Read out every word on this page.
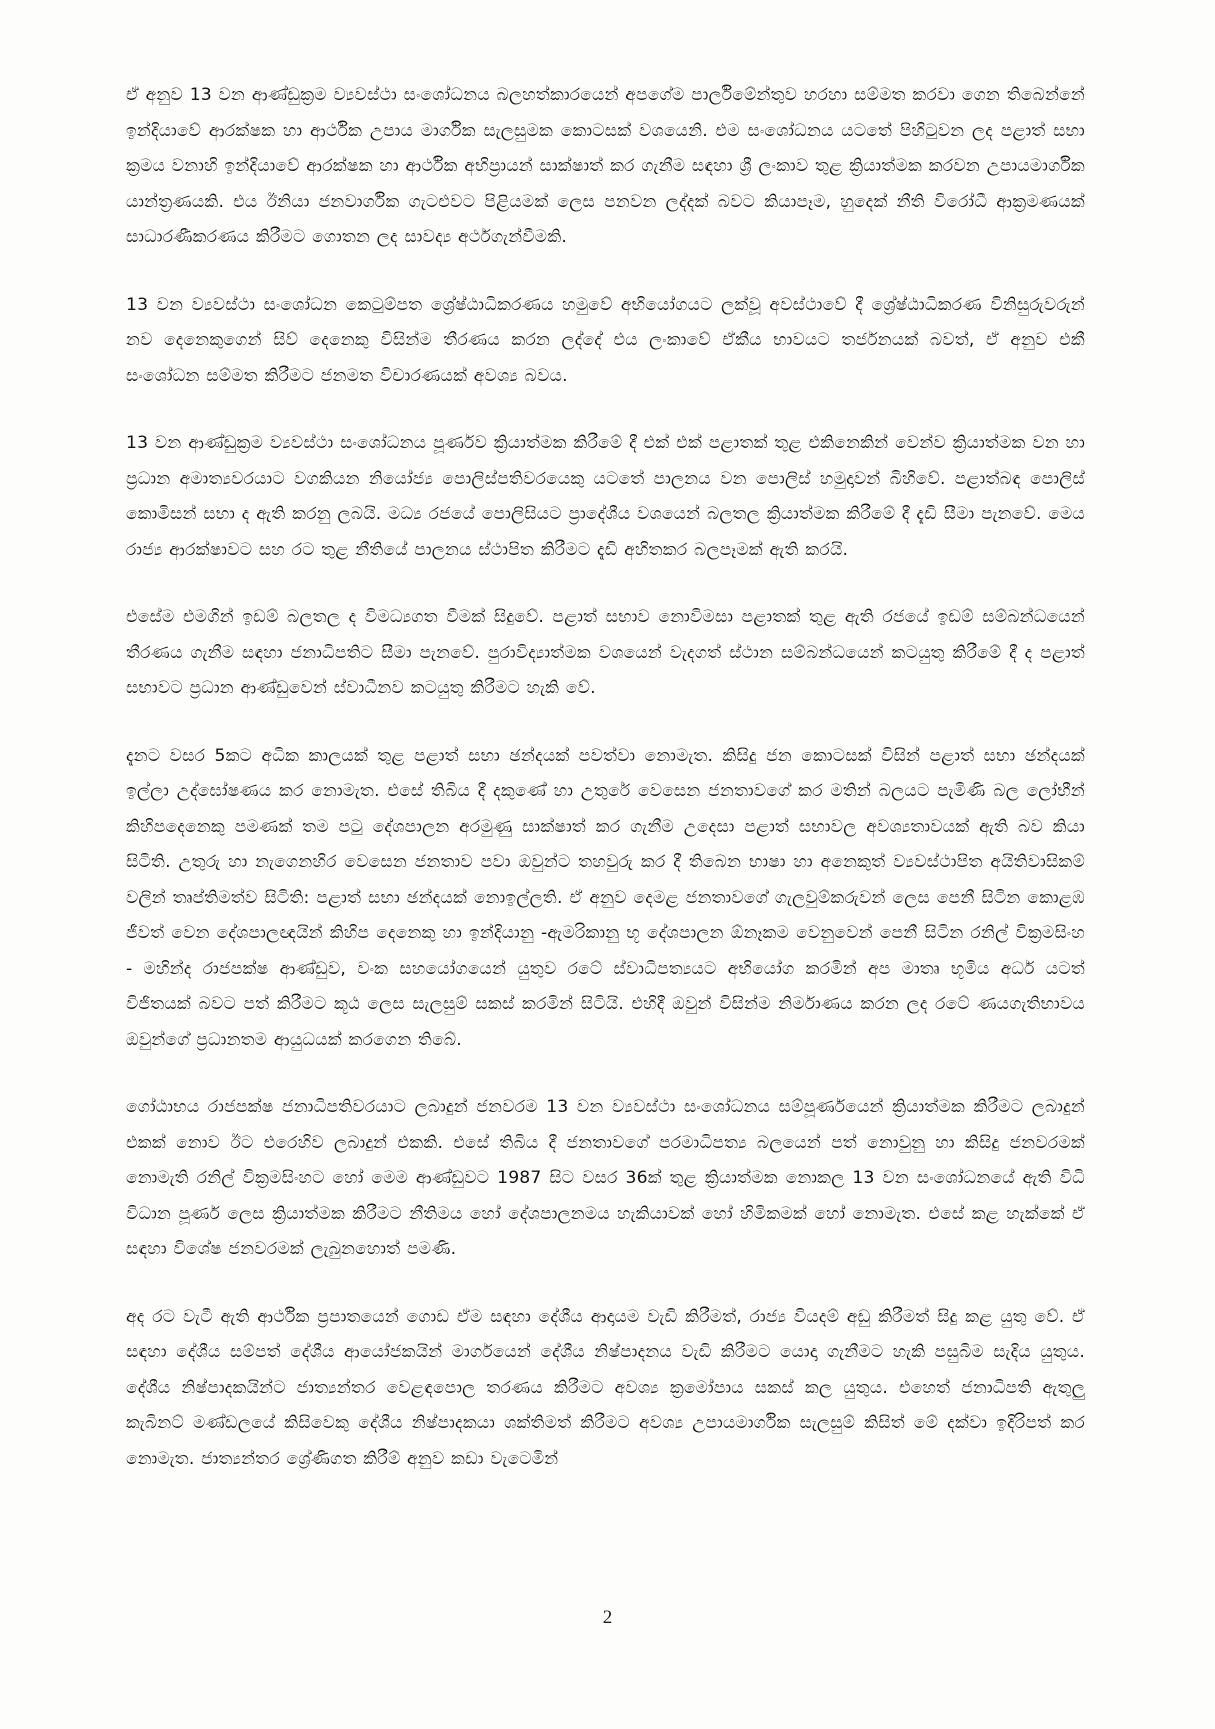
ඒ අනුව 13 වන ආණ්ඩුක්‍රම ව්‍යවස්ථා සංශෝධනය බලහත්කාරයෙන් අපගේම පාර්ලිමේන්තුව හරහා සම්මත කරවා ගෙන තිබෙන්නේ ඉන්දියාවේ ආරක්ෂක හා ආර්ථික උපාය මාර්ගික සැලසුමක කොටසක් වශයෙනි. එම සංශෝධනය යටතේ පිහිටුවන ලද පළාත් සභා ක්‍රමය වනාහි ඉන්දියාවේ ආරක්ෂක හා ආර්ථික අභිප්‍රායන් සාක්ෂාත් කර ගැනීම සඳහා ශ්‍රී ලංකාව තුළ ක්‍රියාත්මක කරවන උපායමාර්ගික යාන්ත්‍රණයකි. එය ඊනියා ජනවාර්ගික ගැටළුවට පිළියමක් ලෙස පනවන ලද්දක් බවට කියාපෑම, හුදෙක් නීති විරෝධී ආක්‍රමණයක් සාධාරණීකරණය කිරීමට ගොතන ලද සාවද්‍ය අර්ථගැන්වීමකි.

13 වන ව්‍යවස්ථා සංශෝධන කෙටුම්පත ශ්‍රේෂ්ඨාධිකරණය හමුවේ අභියෝගයට ලක්වූ අවස්ථාවේ දී ශ්‍රේෂ්ඨාධිකරණ විනිසුරුවරුන් නව දෙනෙකුගෙන් සිව් දෙනෙකු විසින්ම තීරණය කරන ලද්දේ එය ලංකාවේ ඒකීය භාවයට තර්ජනයක් බවත්, ඒ අනුව එකී සංශෝධන සම්මත කිරීමට ජනමත විචාරණයක් අවශ්‍ය බවය.

13 වන ආණ්ඩුක්‍රම ව්‍යවස්ථා සංශෝධනය පූර්ණව ක්‍රියාත්මක කිරීමේ දී එක් එක් පළාතක් තුළ එකිනෙකින් වෙන්ව ක්‍රියාත්මක වන හා ප්‍රධාන අමාත්‍යවරයාට වගකියන නියෝජ්‍ය පොලිස්පතිවරයෙකු යටතේ පාලනය වන පොලිස් හමුදාවන් බිහිවේ. පළාත්බඳ පොලිස් කොමිසන් සභා ද ඇති කරනු ලබයි. මධ්‍ය රජයේ පොලිසියට ප්‍රාදේශීය වශයෙන් බලතල ක්‍රියාත්මක කිරීමේ දී දැඩි සීමා පැනවේ. මෙය රාජ්‍ය ආරක්ෂාවට සහ රට තුළ නීතියේ පාලනය ස්ථාපිත කිරීමට දැඩි අහිතකර බලපෑමක් ඇති කරයි.

එසේම එමගින් ඉඩම් බලතල ද විමධ්‍යගත වීමක් සිදුවේ. පළාත් සභාව නොවිමසා පළාතක් තුළ ඇති රජයේ ඉඩම් සම්බන්ධයෙන් තීරණය ගැනීම සඳහා ජනාධිපතිට සීමා පැනවේ. පුරාවිද්‍යාත්මක වශයෙන් වැදගත් ස්ථාන සම්බන්ධයෙන් කටයුතු කිරීමේ දී ද පළාත් සභාවට ප්‍රධාන ආණ්ඩුවෙන් ස්වාධීනව කටයුතු කිරීමට හැකි වේ.

දැනට වසර 5කට අධික කාලයක් තුළ පළාත් සභා ඡන්දයක් පවත්වා නොමැත. කිසිදු ජන කොටසක් විසින් පළාත් සභා ඡන්දයක් ඉල්ලා උද්ඝෝෂණය කර නොමැත. එසේ තිබිය දී දකුණේ හා උතුරේ වෙසෙන ජනතාවගේ කර මතින් බලයට පැමිණි බල ලෝභීන් කිහිපදෙනෙකු පමණක් තම පටු දේශපාලන අරමුණු සාක්ෂාත් කර ගැනීම උදෙසා පළාත් සභාවල අවශ්‍යතාවයක් ඇති බව කියා සිටිති. උතුරු හා නැගෙනහිර වෙසෙන ජනතාව පවා ඔවුන්ට තහවුරු කර දී තිබෙන භාෂා හා අනෙකුත් ව්‍යවස්ථාපිත අයිතිවාසිකම් වලින් තෘප්තිමත්ව සිටිති: පළාත් සභා ඡන්දයක් නොඉල්ලති. ඒ අනුව දෙමළ ජනතාවගේ ගැලවුම්කරුවන් ලෙස පෙනී සිටින කොළඹ ජීවත් වෙන දේශපාලඥයින් කිහිප දෙනෙකු හා ඉන්දියානු -ඇමරිකානු භූ දේශපාලන ඕනෑකම වෙනුවෙන් පෙනී සිටින රනිල් වික්‍රමසිංහ - මහින්ද රාජපක්ෂ ආණ්ඩුව, වංක සහයෝගයෙන් යුතුව රටේ ස්වාධිපත්‍යයට අභියෝග කරමින් අප මාතෘ භූමිය අර්ධ යටත් විජිතයක් බවට පත් කිරීමට කූඨ ලෙස සැලසුම් සකස් කරමින් සිටියි. එහිදී ඔවුන් විසින්ම නිර්මාණය කරන ලද රටේ ණයගැතිභාවය ඔවුන්ගේ ප්‍රධානතම ආයුධයක් කරගෙන තිබේ.

ගෝඨාභය රාජපක්ෂ ජනාධිපතිවරයාට ලබාදුන් ජනවරම 13 වන ව්‍යවස්ථා සංශෝධනය සම්පූර්ණයෙන් ක්‍රියාත්මක කිරීමට ලබාදුන් එකක් නොව ඊට එරෙහිව ලබාදුන් එකකි. එසේ තිබිය දී ජනතාවගේ පරමාධිපත්‍ය බලයෙන් පත් නොවුනු හා කිසිදු ජනවරමක් නොමැති රනිල් වික්‍රමසිංහට හෝ මෙම ආණ්ඩුවට 1987 සිට වසර 36ක් තුළ ක්‍රියාත්මක නොකල 13 වන සංශෝධනයේ ඇති විධි විධාන පූර්ණ ලෙස ක්‍රියාත්මක කිරීමට නීතිමය හෝ දේශපාලනමය හැකියාවක් හෝ හිමිකමක් හෝ නොමැත. එසේ කළ හැක්කේ ඒ සඳහා විශේෂ ජනවරමක් ලැබුනහොත් පමණි.

අද රට වැටී ඇති ආර්ථික ප්‍රපාතයෙන් ගොඩ ඒම සඳහා දේශීය ආදායම වැඩි කිරීමත්, රාජ්‍ය වියදම් අඩු කිරීමත් සිදු කළ යුතු වේ. ඒ සඳහා දේශීය සම්පත් දේශීය ආයෝජකයින් මාර්ගයෙන් දේශීය නිෂ්පාදනය වැඩි කිරීමට යොදා ගැනීමට හැකි පසුබිම සැදිය යුතුය. දේශීය නිෂ්පාදකයින්ට ජාත්‍යන්තර වෙළඳපොල තරණය කිරීමට අවශ්‍ය ක්‍රමෝපාය සකස් කල යුතුය. එහෙත් ජනාධිපති ඇතුලු කැබිනට් මණ්ඩලයේ කිසිවෙකු දේශීය නිෂ්පාදකයා ශක්තිමත් කිරීමට අවශ්‍ය උපායමාර්ගික සැලසුම් කිසිත් මේ දක්වා ඉදිරිපත් කර නොමැත. ජාත්‍යන්තර ශ්‍රේණිගත කිරීම් අනුව කඩා වැටෙමින්

2
